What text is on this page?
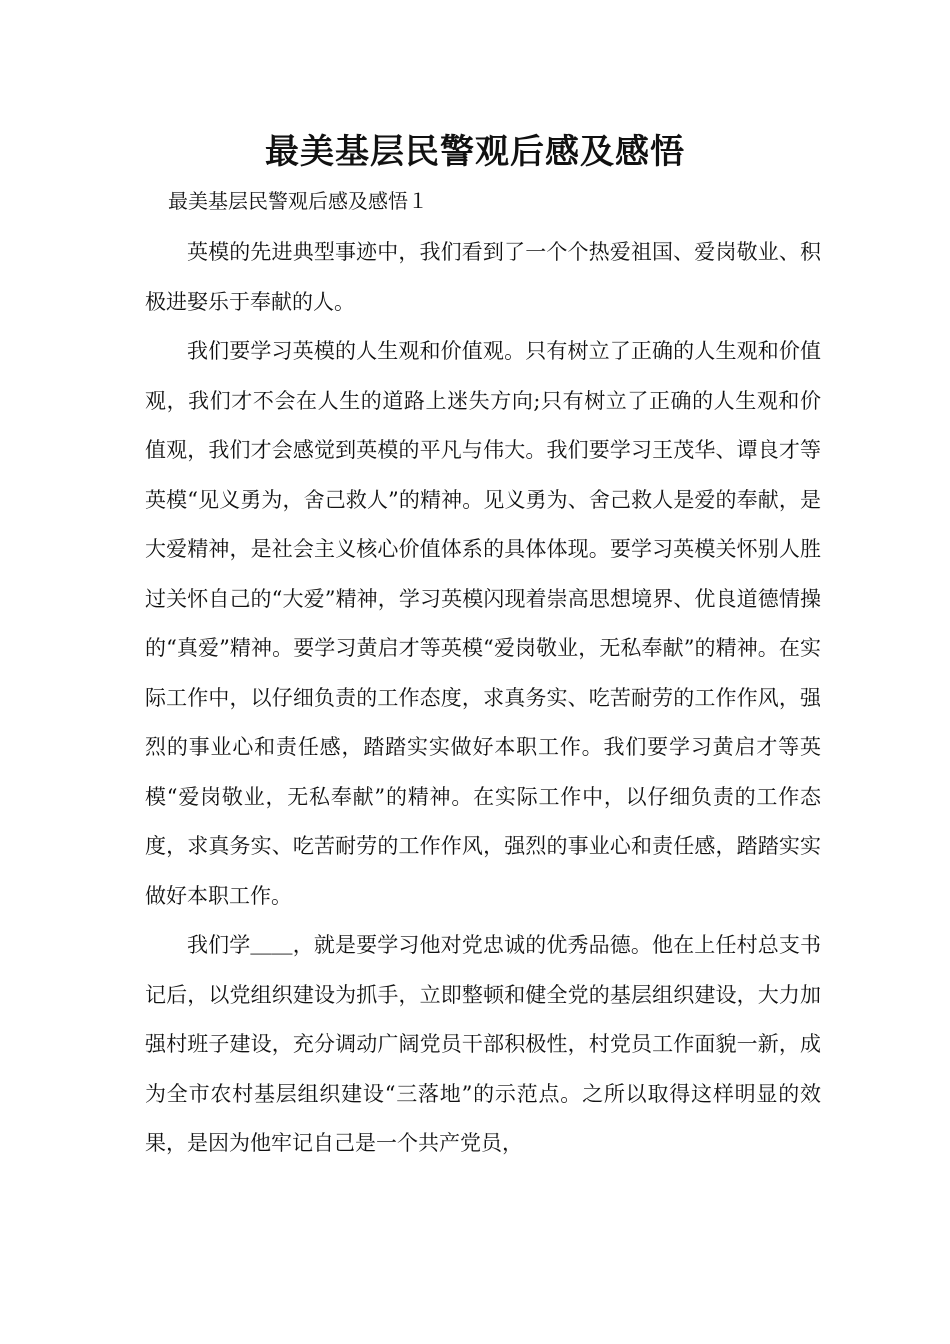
最美基层民警观后感及感悟
最美基层民警观后感及感悟１

英模的先进典型事迹中，我们看到了一个个热爱祖国、爱岗敬业、积极进娶乐于奉献的人。

我们要学习英模的人生观和价值观。只有树立了正确的人生观和价值观，我们才不会在人生的道路上迷失方向;只有树立了正确的人生观和价值观，我们才会感觉到英模的平凡与伟大。我们要学习王茂华、谭良才等英模“见义勇为，舍己救人”的精神。见义勇为、舍己救人是爱的奉献，是大爱精神，是社会主义核心价值体系的具体体现。要学习英模关怀别人胜过关怀自己的“大爱”精神，学习英模闪现着崇高思想境界、优良道德情操的“真爱”精神。要学习黄启才等英模“爱岗敬业，无私奉献”的精神。在实际工作中，以仔细负责的工作态度，求真务实、吃苦耐劳的工作作风，强烈的事业心和责任感，踏踏实实做好本职工作。我们要学习黄启才等英模“爱岗敬业，无私奉献”的精神。在实际工作中，以仔细负责的工作态度，求真务实、吃苦耐劳的工作作风，强烈的事业心和责任感，踏踏实实做好本职工作。

我们学＿＿，就是要学习他对党忠诚的优秀品德。他在上任村总支书记后，以党组织建设为抓手，立即整顿和健全党的基层组织建设，大力加强村班子建设，充分调动广阔党员干部积极性，村党员工作面貌一新，成为全市农村基层组织建设“三落地”的示范点。之所以取得这样明显的效果，是因为他牢记自己是一个共产党员，
